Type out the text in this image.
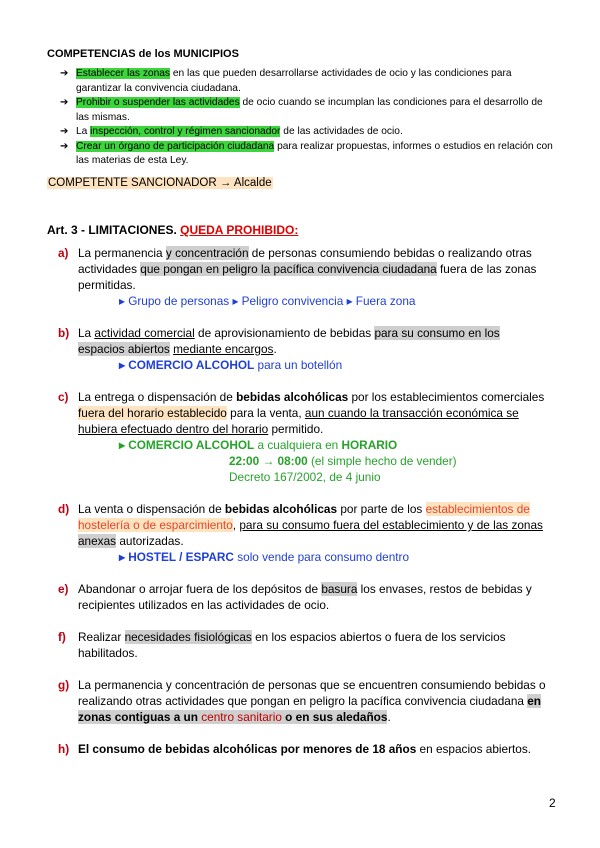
COMPETENCIAS de los MUNICIPIOS
➔ Establecer las zonas en las que pueden desarrollarse actividades de ocio y las condiciones para garantizar la convivencia ciudadana.
➔ Prohibir o suspender las actividades de ocio cuando se incumplan las condiciones para el desarrollo de las mismas.
➔ La inspección, control y régimen sancionador de las actividades de ocio.
➔ Crear un órgano de participación ciudadana para realizar propuestas, informes o estudios en relación con las materias de esta Ley.
COMPETENTE SANCIONADOR → Alcalde
Art. 3 - LIMITACIONES. QUEDA PROHIBIDO:
a) La permanencia y concentración de personas consumiendo bebidas o realizando otras actividades que pongan en peligro la pacífica convivencia ciudadana fuera de las zonas permitidas.
▸ Grupo de personas ▸ Peligro convivencia ▸ Fuera zona
b) La actividad comercial de aprovisionamiento de bebidas para su consumo en los espacios abiertos mediante encargos.
▸ COMERCIO ALCOHOL para un botellón
c) La entrega o dispensación de bebidas alcohólicas por los establecimientos comerciales fuera del horario establecido para la venta, aun cuando la transacción económica se hubiera efectuado dentro del horario permitido.
▸ COMERCIO ALCOHOL a cualquiera en HORARIO
22:00 → 08:00 (el simple hecho de vender)
Decreto 167/2002, de 4 junio
d) La venta o dispensación de bebidas alcohólicas por parte de los establecimientos de hostelería o de esparcimiento, para su consumo fuera del establecimiento y de las zonas anexas autorizadas.
▸ HOSTEL / ESPARC solo vende para consumo dentro
e) Abandonar o arrojar fuera de los depósitos de basura los envases, restos de bebidas y recipientes utilizados en las actividades de ocio.
f) Realizar necesidades fisiológicas en los espacios abiertos o fuera de los servicios habilitados.
g) La permanencia y concentración de personas que se encuentren consumiendo bebidas o realizando otras actividades que pongan en peligro la pacífica convivencia ciudadana en zonas contiguas a un centro sanitario o en sus aledaños.
h) El consumo de bebidas alcohólicas por menores de 18 años en espacios abiertos.
2
